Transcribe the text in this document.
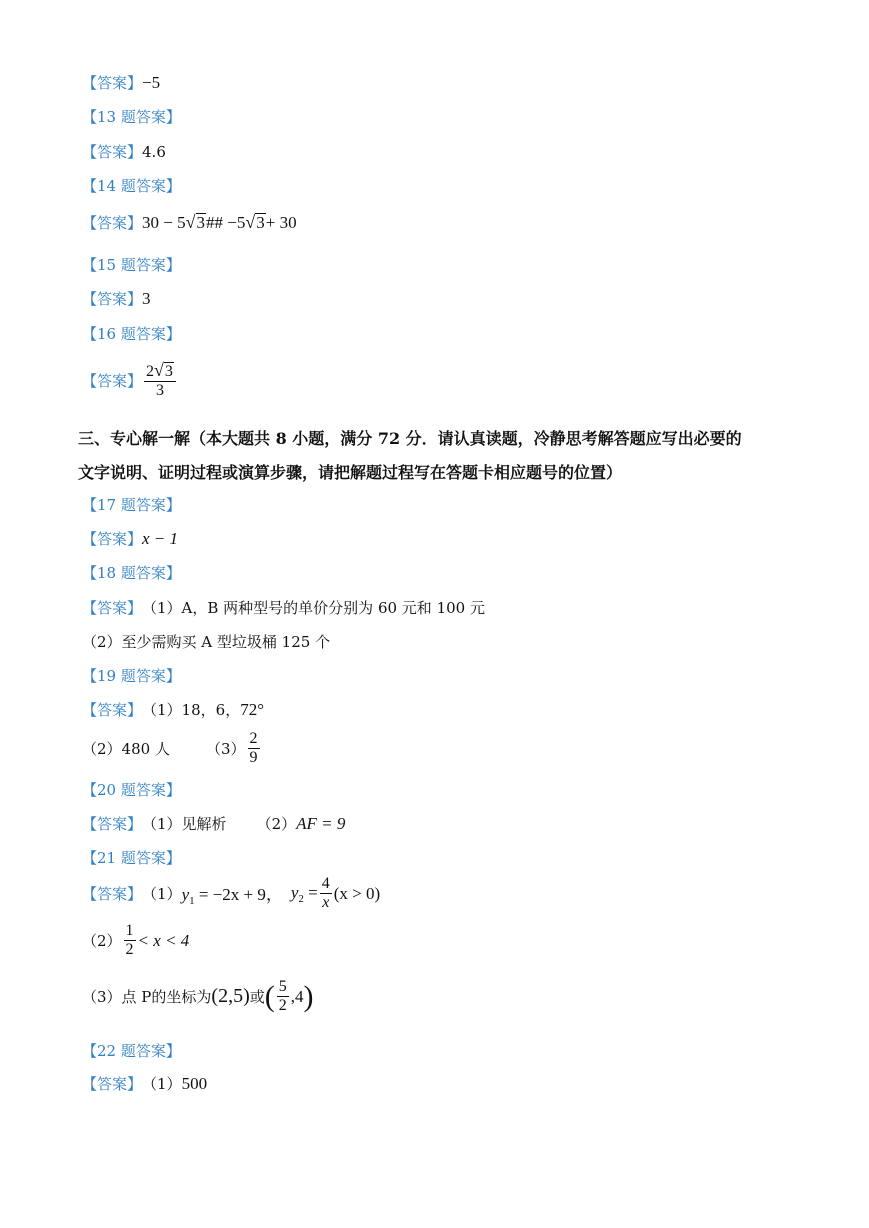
【答案】 −5
【13 题答案】
【答案】 4.6
【14 题答案】
【答案】 30 − 5 √ 3 ## −5 √ 3 + 30
【15 题答案】
【答案】 3
【16 题答案】
【答案】 $\frac{2 √ 3}{3}$
三、专心解一解（本大题共 8 小题，满分 72 分．请认真读题，冷静思考解答题应写出必要的
文字说明、证明过程或演算步骤，请把解题过程写在答题卡相应题号的位置）
【17 题答案】
【答案】 x − 1
【18 题答案】
【答案】 （1）A，B 两种型号的单价分别为 60 元和 100 元
（2）至少需购买 A 型垃圾桶 125 个
【19 题答案】
【答案】 （1）18，6， 72°
（2）480 人 $(3) \frac{2}{9}$
【20 题答案】
【答案】 （1）见解析 （2） AF = 9
【21 题答案】
【答案】 （1） $y_1 = -2x + 9$， $y_2 = \frac{4}{x} (x > 0)$
$(2) \frac{1}{2} < x < 4$
（3）点 P的坐标为 (2,5) 或 ( $\frac{5}{2} ,4$ )
【22 题答案】
【答案】 （1） 500
